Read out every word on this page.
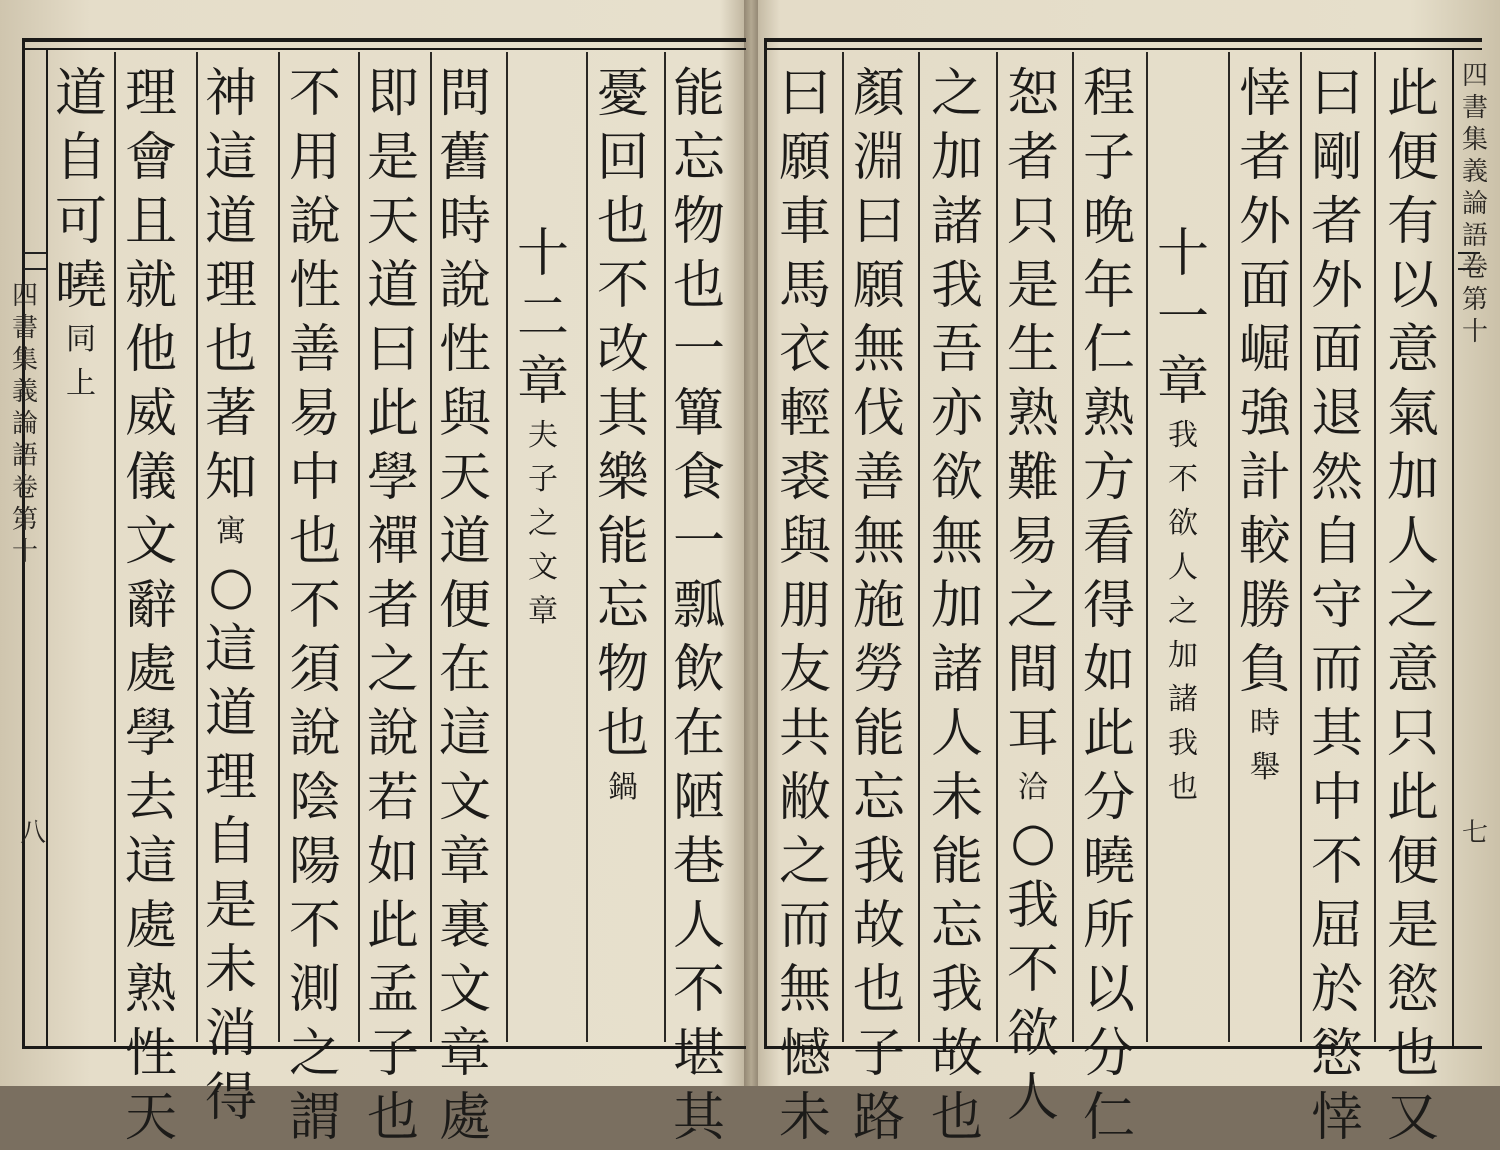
四書集義論語卷第十
八
能忘物也一簞食一瓢飲在陋巷人不堪其
憂回也不改其樂能忘物也
鍋
十二章
夫子之文章
問舊時說性與天道便在這文章裏文章處
即是天道曰此學禪者之說若如此孟子也
不用說性善易中也不須說陰陽不測之謂
神這道理也著知
寓
○這道理自是未消得
理會且就他威儀文辭處學去這處熟性天
道自可曉
同上
四書集義論語卷第十
七
此便有以意氣加人之意只此便是慾也又
曰剛者外面退然自守而其中不屈於慾悻
悻者外面崛強計較勝負
時舉
十一章
我不欲人之加諸我也
程子晚年仁熟方看得如此分曉所以分仁
恕者只是生熟難易之間耳
洽
○我不欲人
之加諸我吾亦欲無加諸人未能忘我故也
顏淵曰願無伐善無施勞能忘我故也子路
曰願車馬衣輕裘與朋友共敝之而無憾未
